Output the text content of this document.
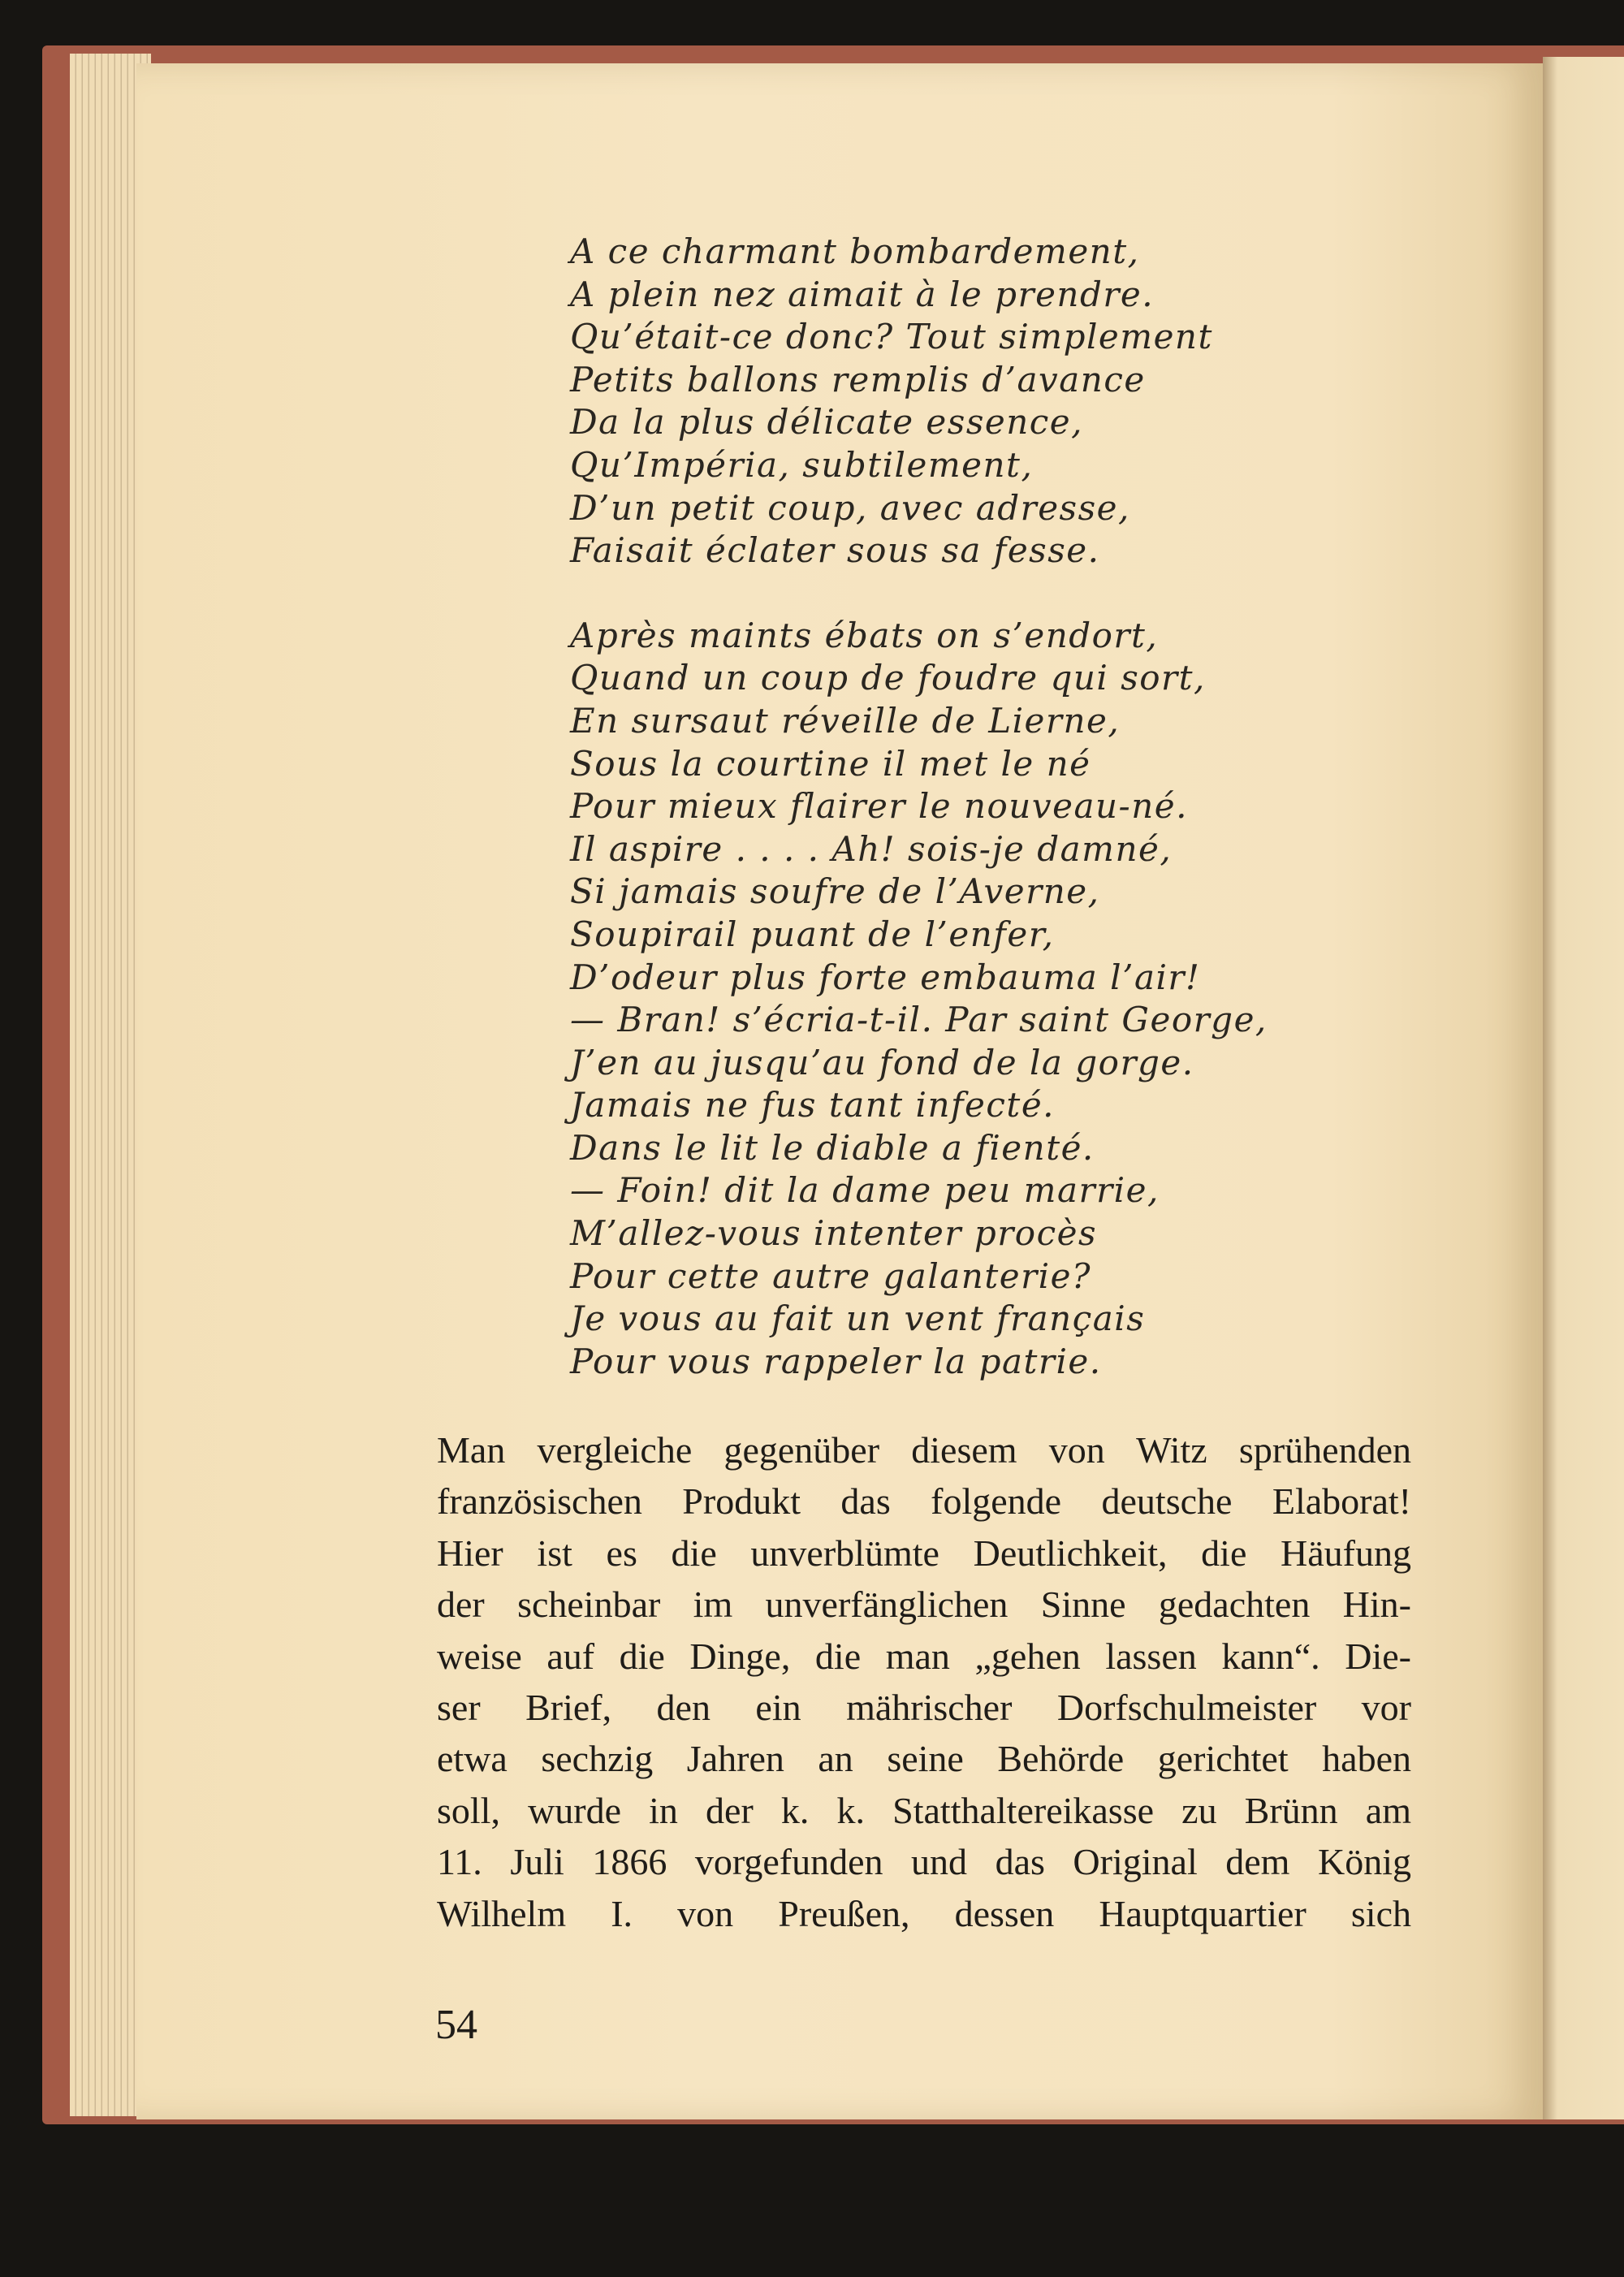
A ce charmant bombardement,
A plein nez aimait à le prendre.
Qu’était-ce donc? Tout simplement
Petits ballons remplis d’avance
Da la plus délicate essence,
Qu’Impéria, subtilement,
D’un petit coup, avec adresse,
Faisait éclater sous sa fesse.
Après maints ébats on s’endort,
Quand un coup de foudre qui sort,
En sursaut réveille de Lierne,
Sous la courtine il met le né
Pour mieux flairer le nouveau-né.
Il aspire . . . . Ah! sois-je damné,
Si jamais soufre de l’Averne,
Soupirail puant de l’enfer,
D’odeur plus forte embauma l’air!
— Bran! s’écria-t-il. Par saint George,
J’en au jusqu’au fond de la gorge.
Jamais ne fus tant infecté.
Dans le lit le diable a fienté.
— Foin! dit la dame peu marrie,
M’allez-vous intenter procès
Pour cette autre galanterie?
Je vous au fait un vent français
Pour vous rappeler la patrie.
Man vergleiche gegenüber diesem von Witz sprühenden
französischen Produkt das folgende deutsche Elaborat!
Hier ist es die unverblümte Deutlichkeit, die Häufung
der scheinbar im unverfänglichen Sinne gedachten Hin-
weise auf die Dinge, die man „gehen lassen kann“. Die-
ser Brief, den ein mährischer Dorfschulmeister vor
etwa sechzig Jahren an seine Behörde gerichtet haben
soll, wurde in der k. k. Statthaltereikasse zu Brünn am
11. Juli 1866 vorgefunden und das Original dem König
Wilhelm I. von Preußen, dessen Hauptquartier sich
54
